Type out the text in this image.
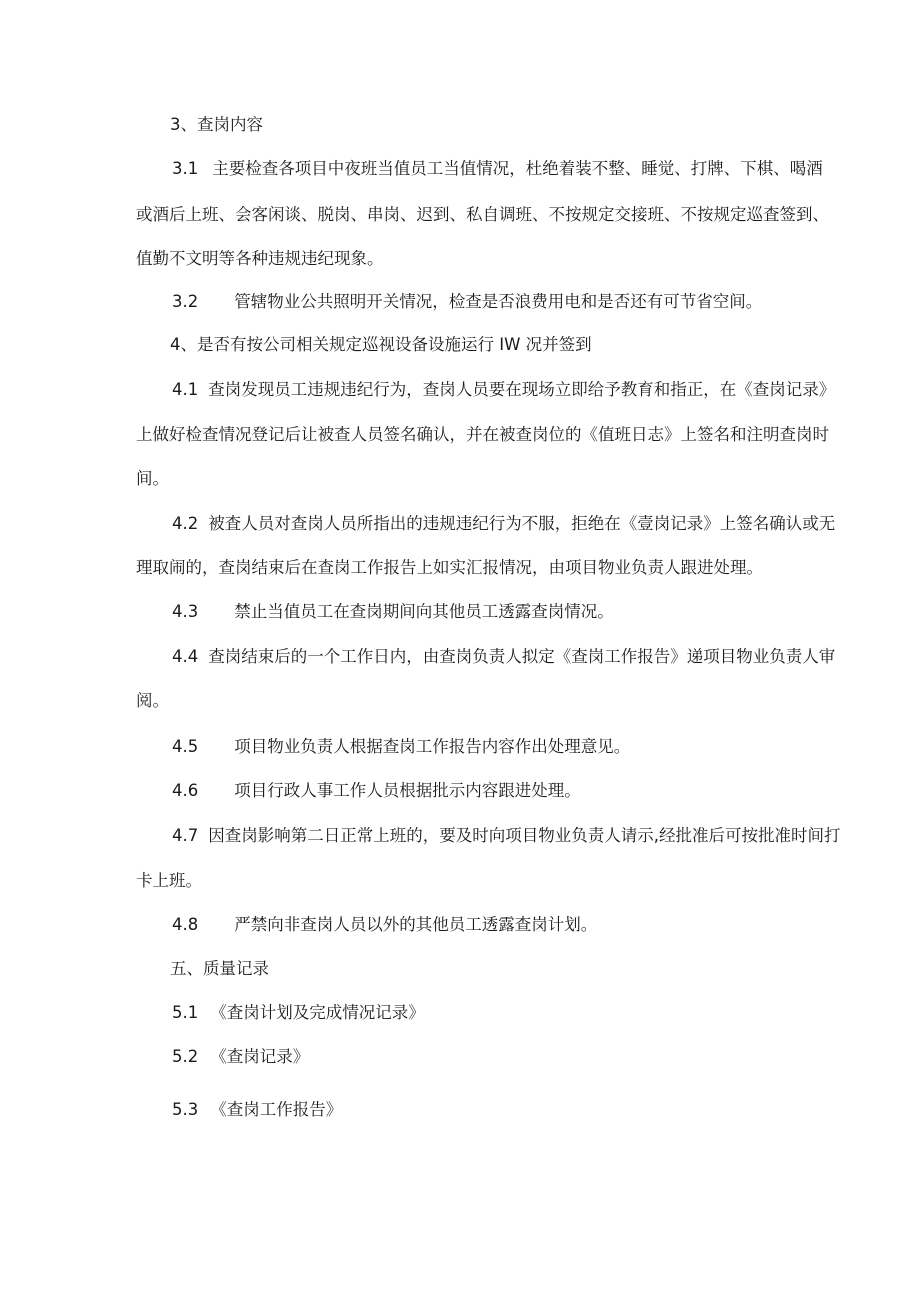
3、查岗内容
3.1 主要检查各项目中夜班当值员工当值情况，杜绝着装不整、睡觉、打牌、下棋、喝酒
或酒后上班、会客闲谈、脱岗、串岗、迟到、私自调班、不按规定交接班、不按规定巡査签到、
值勤不文明等各种违规违纪现象。
3.2 管辖物业公共照明开关情况，检查是否浪费用电和是否还有可节省空间。
4、是否有按公司相关规定巡视设备设施运行 IW 况并签到
4.1 查岗发现员工违规违纪行为，查岗人员要在现场立即给予教育和指正，在《查岗记录》
上做好检查情况登记后让被查人员签名确认，并在被查岗位的《值班日志》上签名和注明查岗时
间。
4.2 被査人员对查岗人员所指出的违规违纪行为不服，拒绝在《壹岗记录》上签名确认或无
理取闹的，查岗结束后在查岗工作报告上如实汇报情况，由项目物业负责人跟进处理。
4.3 禁止当值员工在查岗期间向其他员工透露查岗情况。
4.4 查岗结束后的一个工作日内，由查岗负责人拟定《查岗工作报告》递项目物业负责人审
阅。
4.5 项目物业负责人根据查岗工作报告内容作出处理意见。
4.6 项目行政人事工作人员根据批示内容跟进处理。
4.7 因查岗影响第二日正常上班的，要及时向项目物业负责人请示,经批准后可按批准时间打
卡上班。
4.8 严禁向非查岗人员以外的其他员工透露查岗计划。
五、质量记录
5.1 《査岗计划及完成情况记录》
5.2 《查岗记录》
5.3 《查岗工作报告》
